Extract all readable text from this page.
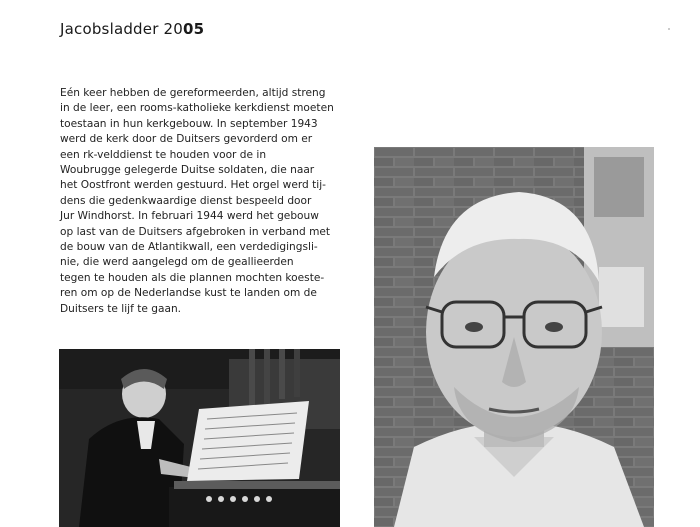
Jacobsladder 2005
Eén keer hebben de gereformeerden, altijd streng
in de leer, een rooms-katholieke kerkdienst moeten
toestaan in hun kerkgebouw. In september 1943
werd de kerk door de Duitsers gevorderd om er
een rk-velddienst te houden voor de in
Woubrugge gelegerde Duitse soldaten, die naar
het Oostfront werden gestuurd. Het orgel werd tij-
dens die gedenkwaardige dienst bespeeld door
Jur Windhorst. In februari 1944 werd het gebouw
op last van de Duitsers afgebroken in verband met
de bouw van de Atlantikwall, een verdedigingsli-
nie, die werd aangelegd om de geallieerden
tegen te houden als die plannen mochten koeste-
ren om op de Nederlandse kust te landen om de
Duitsers te lijf te gaan.
